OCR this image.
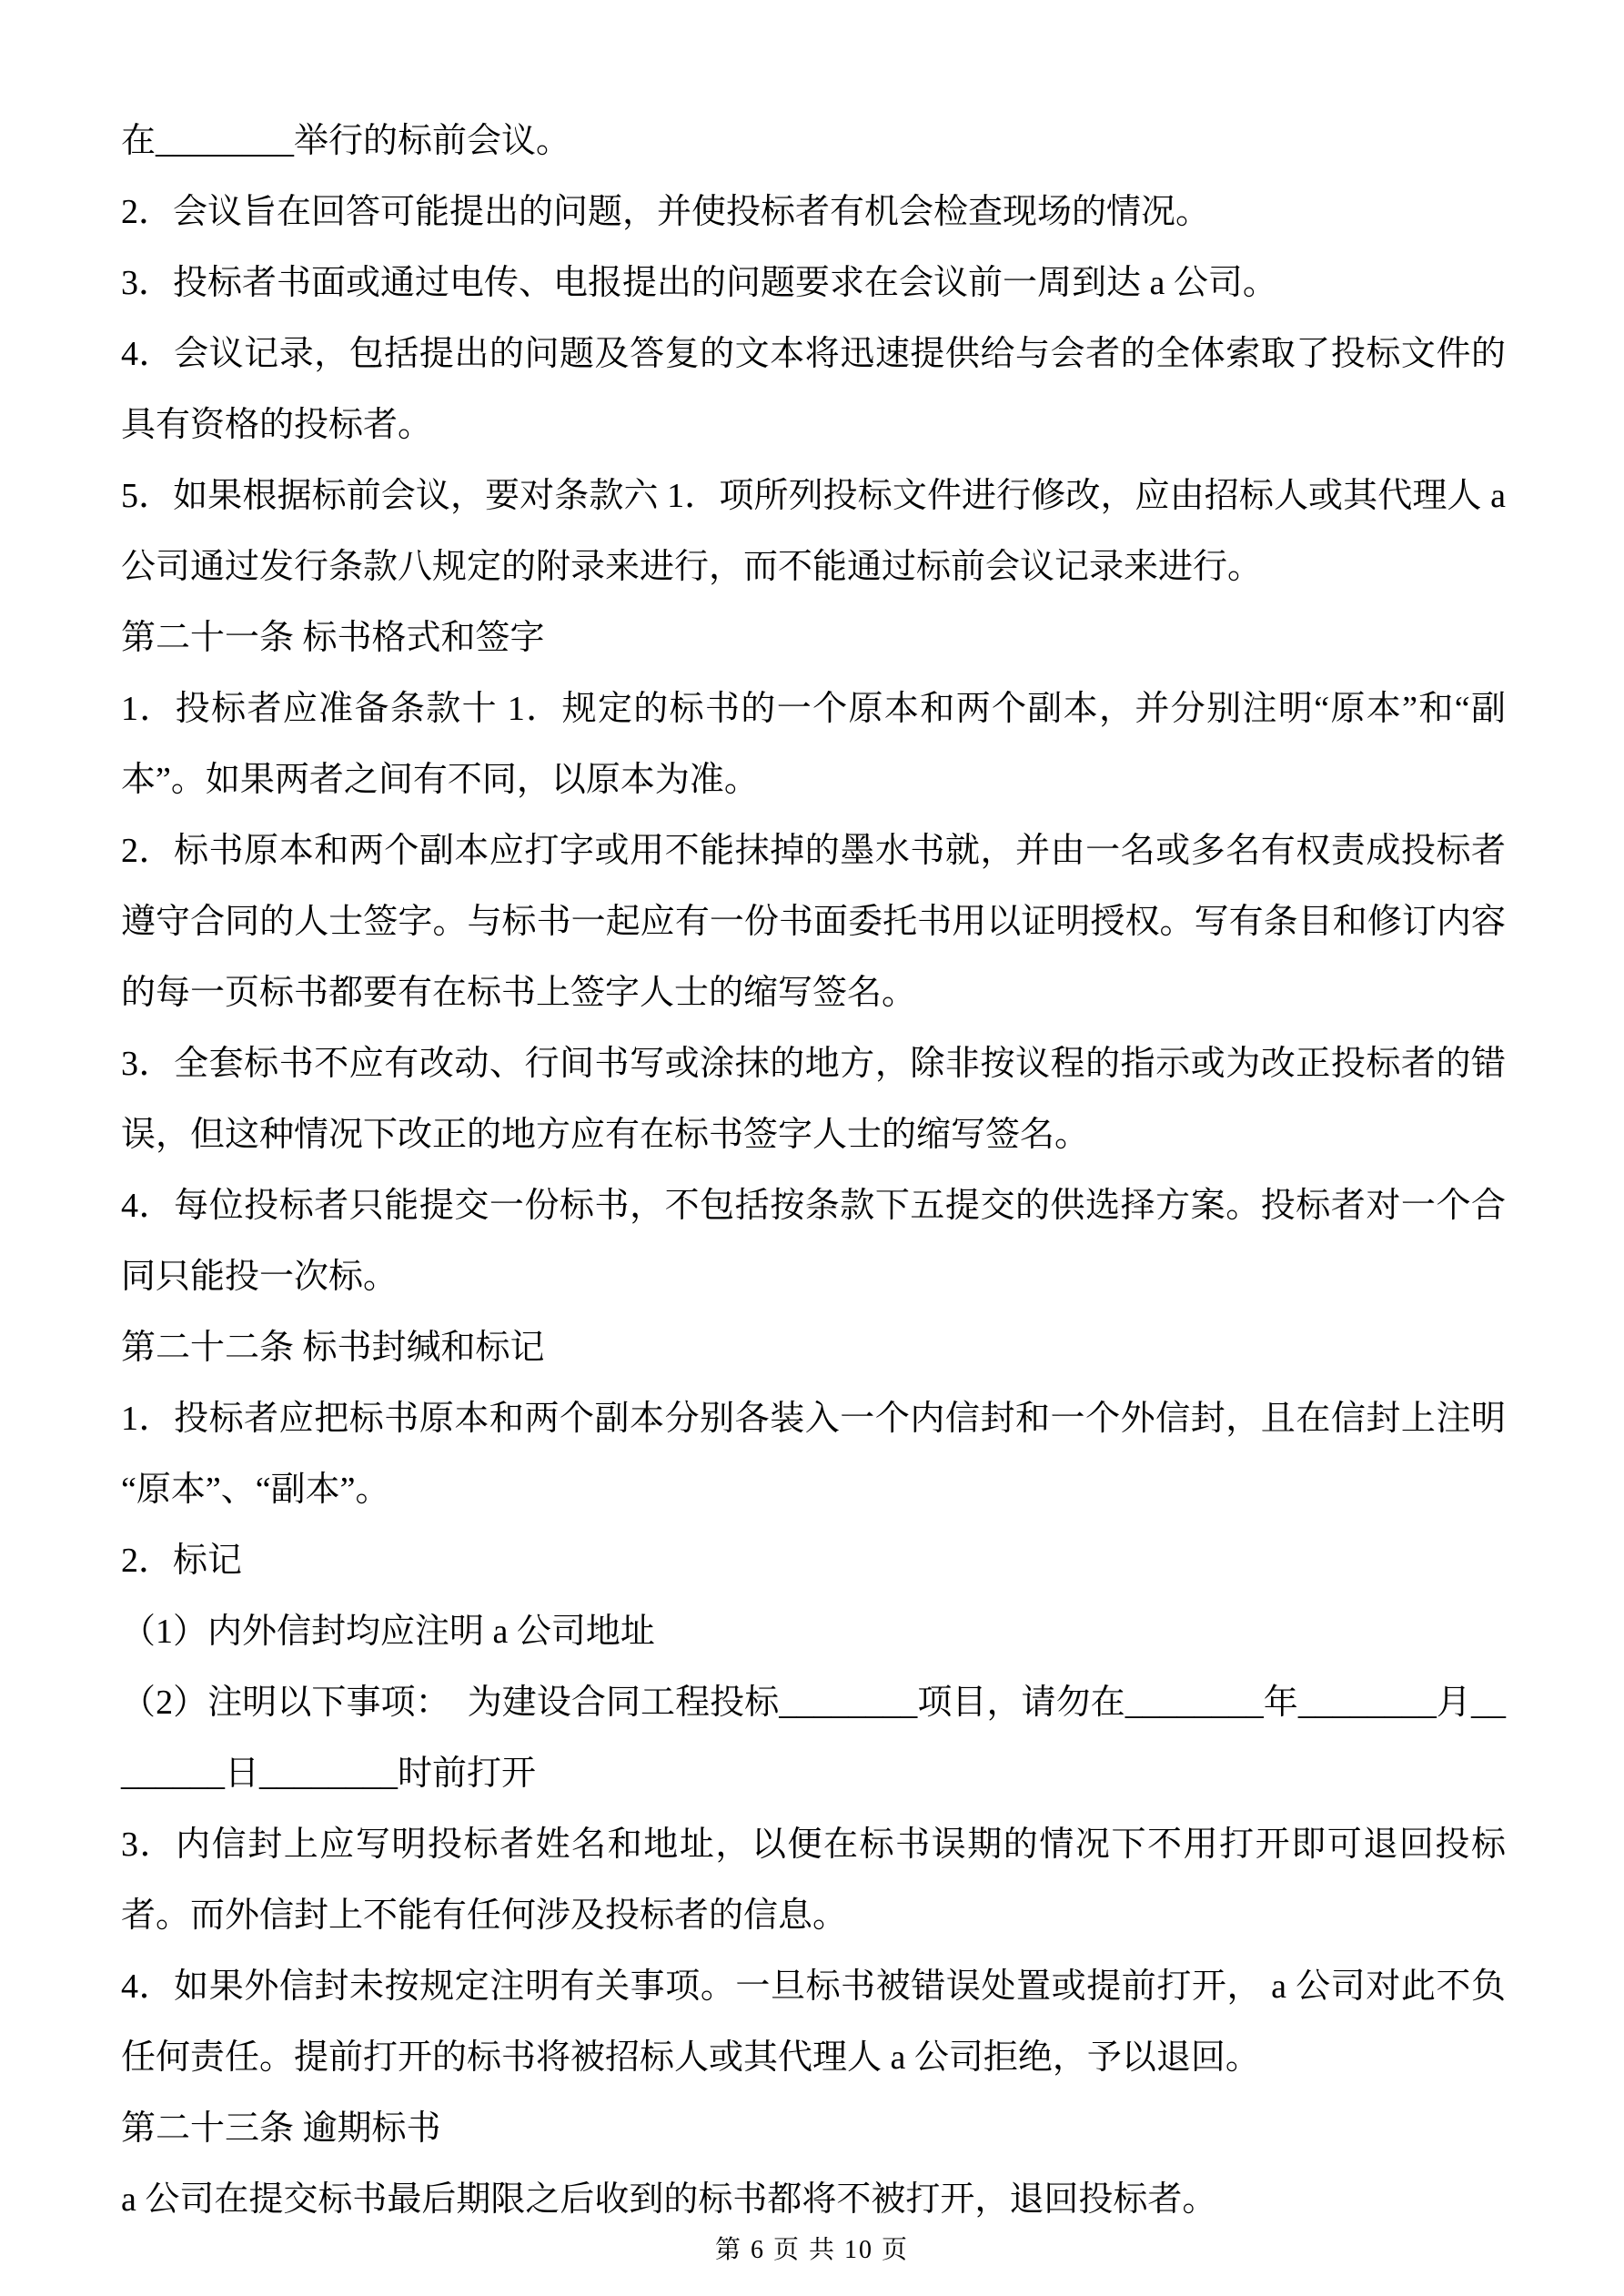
在________举行的标前会议。

2．会议旨在回答可能提出的问题，并使投标者有机会检查现场的情况。

3．投标者书面或通过电传、电报提出的问题要求在会议前一周到达 a 公司。

4．会议记录，包括提出的问题及答复的文本将迅速提供给与会者的全体索取了投标文件的具有资格的投标者。

5．如果根据标前会议，要对条款六 1．项所列投标文件进行修改，应由招标人或其代理人 a 公司通过发行条款八规定的附录来进行，而不能通过标前会议记录来进行。

第二十一条 标书格式和签字

1．投标者应准备条款十 1．规定的标书的一个原本和两个副本，并分别注明“原本”和“副本”。如果两者之间有不同，以原本为准。

2．标书原本和两个副本应打字或用不能抹掉的墨水书就，并由一名或多名有权责成投标者遵守合同的人士签字。与标书一起应有一份书面委托书用以证明授权。写有条目和修订内容的每一页标书都要有在标书上签字人士的缩写签名。

3．全套标书不应有改动、行间书写或涂抹的地方，除非按议程的指示或为改正投标者的错误，但这种情况下改正的地方应有在标书签字人士的缩写签名。

4．每位投标者只能提交一份标书，不包括按条款下五提交的供选择方案。投标者对一个合同只能投一次标。

第二十二条 标书封缄和标记

1．投标者应把标书原本和两个副本分别各装入一个内信封和一个外信封，且在信封上注明“原本”、“副本”。

2．标记

（1）内外信封均应注明 a 公司地址

（2）注明以下事项：　为建设合同工程投标________项目，请勿在________年________月________日________时前打开

3．内信封上应写明投标者姓名和地址，以便在标书误期的情况下不用打开即可退回投标者。而外信封上不能有任何涉及投标者的信息。

4．如果外信封未按规定注明有关事项。一旦标书被错误处置或提前打开， a 公司对此不负任何责任。提前打开的标书将被招标人或其代理人 a 公司拒绝，予以退回。

第二十三条 逾期标书

a 公司在提交标书最后期限之后收到的标书都将不被打开，退回投标者。

第 6 页 共 10 页
